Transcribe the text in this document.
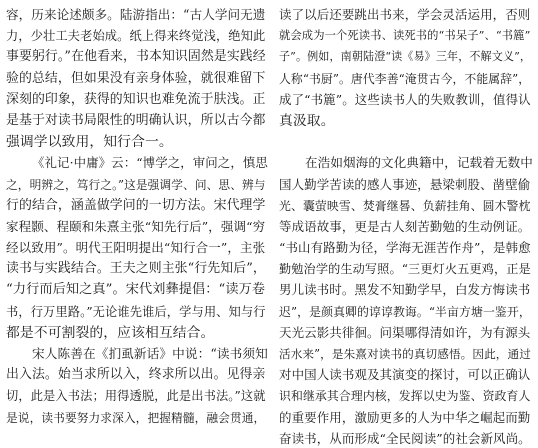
容，历来论述颇多。陆游指出：“古人学问无遗
力，少壮工夫老始成。纸上得来终觉浅，绝知此
事要躬行。”在他看来，书本知识固然是实践经
验的总结，但如果没有亲身体验，就很难留下
深刻的印象，获得的知识也难免流于肤浅。正
是基于对读书局限性的明确认识，所以古今都
强调学以致用，知行合一。
《礼记·中庸》云：“博学之，审问之，慎思
之，明辨之，笃行之。”这是强调学、问、思、辨与
行的结合，涵盖做学问的一切方法。宋代理学
家程颢、程颐和朱熹主张“知先行后”，强调“穷
经以致用”。明代王阳明提出“知行合一”，主张
读书与实践结合。王夫之则主张“行先知后”，
“力行而后知之真”。宋代刘彝提倡：“读万卷
书，行万里路。”无论谁先谁后，学与用、知与行
都是不可割裂的，应该相互结合。
宋人陈善在《扪虱新话》中说：“读书须知
出入法。始当求所以入，终求所以出。见得亲
切，此是入书法；用得透脱，此是出书法。”这就
是说，读书要努力求深入，把握精髓，融会贯通，
读了以后还要跳出书来，学会灵活运用，否则
就会成为一个死读书、读死书的“书呆子”、“书簏”
子”。例如，南朝陆澄“读《易》三年，不解文义”，
人称“书厨”。唐代李善“淹贯古今，不能属辞”，
成了“书簏”。这些读书人的失败教训，值得认
真汲取。
在浩如烟海的文化典籍中，记载着无数中
国人勤学苦读的感人事迹，悬梁刺股、凿壁偷
光、囊萤映雪、焚膏继晷、负薪挂角、圆木警枕
等成语故事，更是古人刻苦勤勉的生动例证。
“书山有路勤为径，学海无涯苦作舟”，是韩愈
勤勉治学的生动写照。“三更灯火五更鸡，正是
男儿读书时。黑发不知勤学早，白发方悔读书
迟”，是颜真卿的谆谆教诲。“半亩方塘一鉴开，
天光云影共徘徊。问渠哪得清如许，为有源头
活水来”，是朱熹对读书的真切感悟。因此，通过
对中国人读书观及其演变的探讨，可以正确认
识和继承其合理内核，发挥以史为鉴、资政育人
的重要作用，激励更多的人为中华之崛起而勤
奋读书，从而形成“全民阅读”的社会新风尚。
